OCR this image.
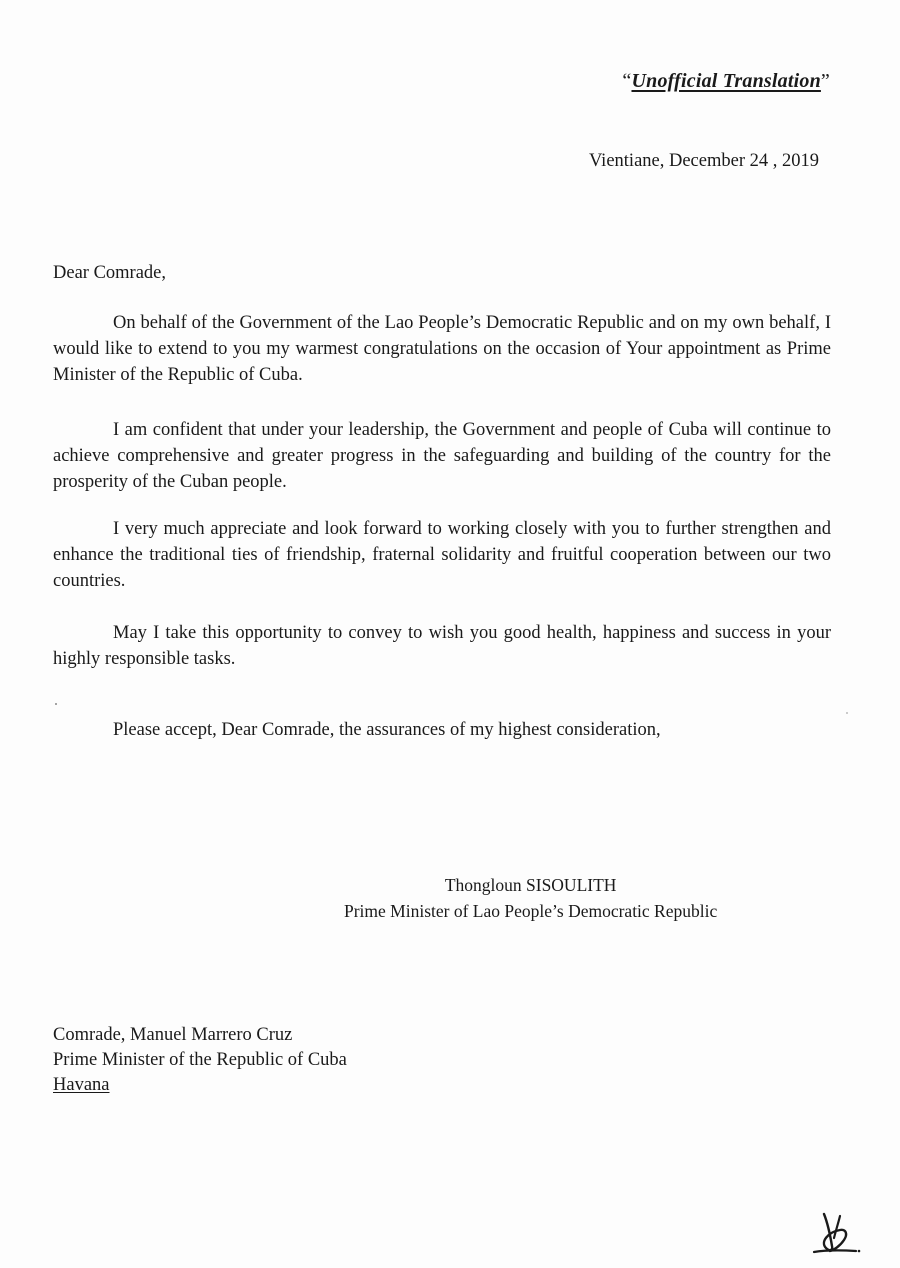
“Unofficial Translation”
Vientiane, December 24 , 2019
Dear Comrade,
On behalf of the Government of the Lao People’s Democratic Republic and on my own behalf, I would like to extend to you my warmest congratulations on the occasion of Your appointment as Prime Minister of the Republic of Cuba.
I am confident that under your leadership, the Government and people of Cuba will continue to achieve comprehensive and greater progress in the safeguarding and building of the country for the prosperity of the Cuban people.
I very much appreciate and look forward to working closely with you to further strengthen and enhance the traditional ties of friendship, fraternal solidarity and fruitful cooperation between our two countries.
May I take this opportunity to convey to wish you good health, happiness and success in your highly responsible tasks.
Please accept, Dear Comrade, the assurances of my highest consideration,
Thongloun SISOULITH
Prime Minister of Lao People’s Democratic Republic
Comrade, Manuel Marrero Cruz
Prime Minister of the Republic of Cuba
Havana
